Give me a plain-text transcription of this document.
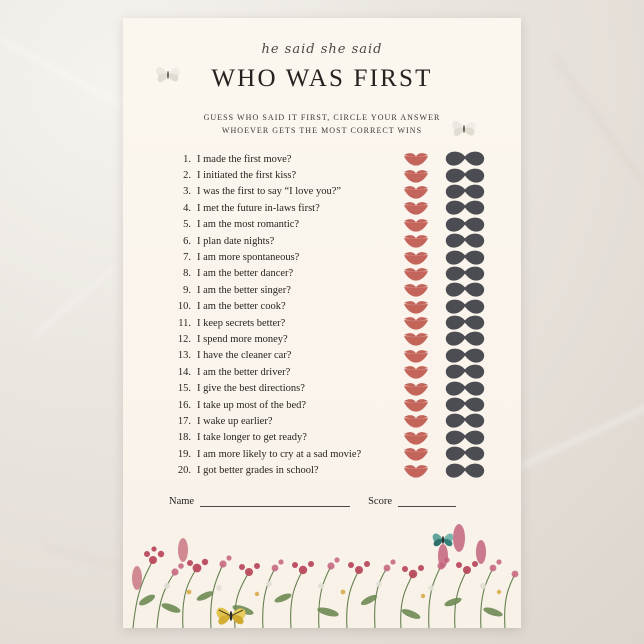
he said she said
WHO WAS FIRST
GUESS WHO SAID IT FIRST, CIRCLE YOUR ANSWER
WHOEVER GETS THE MOST CORRECT WINS
1. I made the first move?
2. I initiated the first kiss?
3. I was the first to say “I love you?”
4. I met the future in-laws first?
5. I am the most romantic?
6. I plan date nights?
7. I am more spontaneous?
8. I am the better dancer?
9. I am the better singer?
10. I am the better cook?
11. I keep secrets better?
12. I spend more money?
13. I have the cleaner car?
14. I am the better driver?
15. I give the best directions?
16. I take up most of the bed?
17. I wake up earlier?
18. I take longer to get ready?
19. I am more likely to cry at a sad movie?
20. I got better grades in school?
Name	Score
